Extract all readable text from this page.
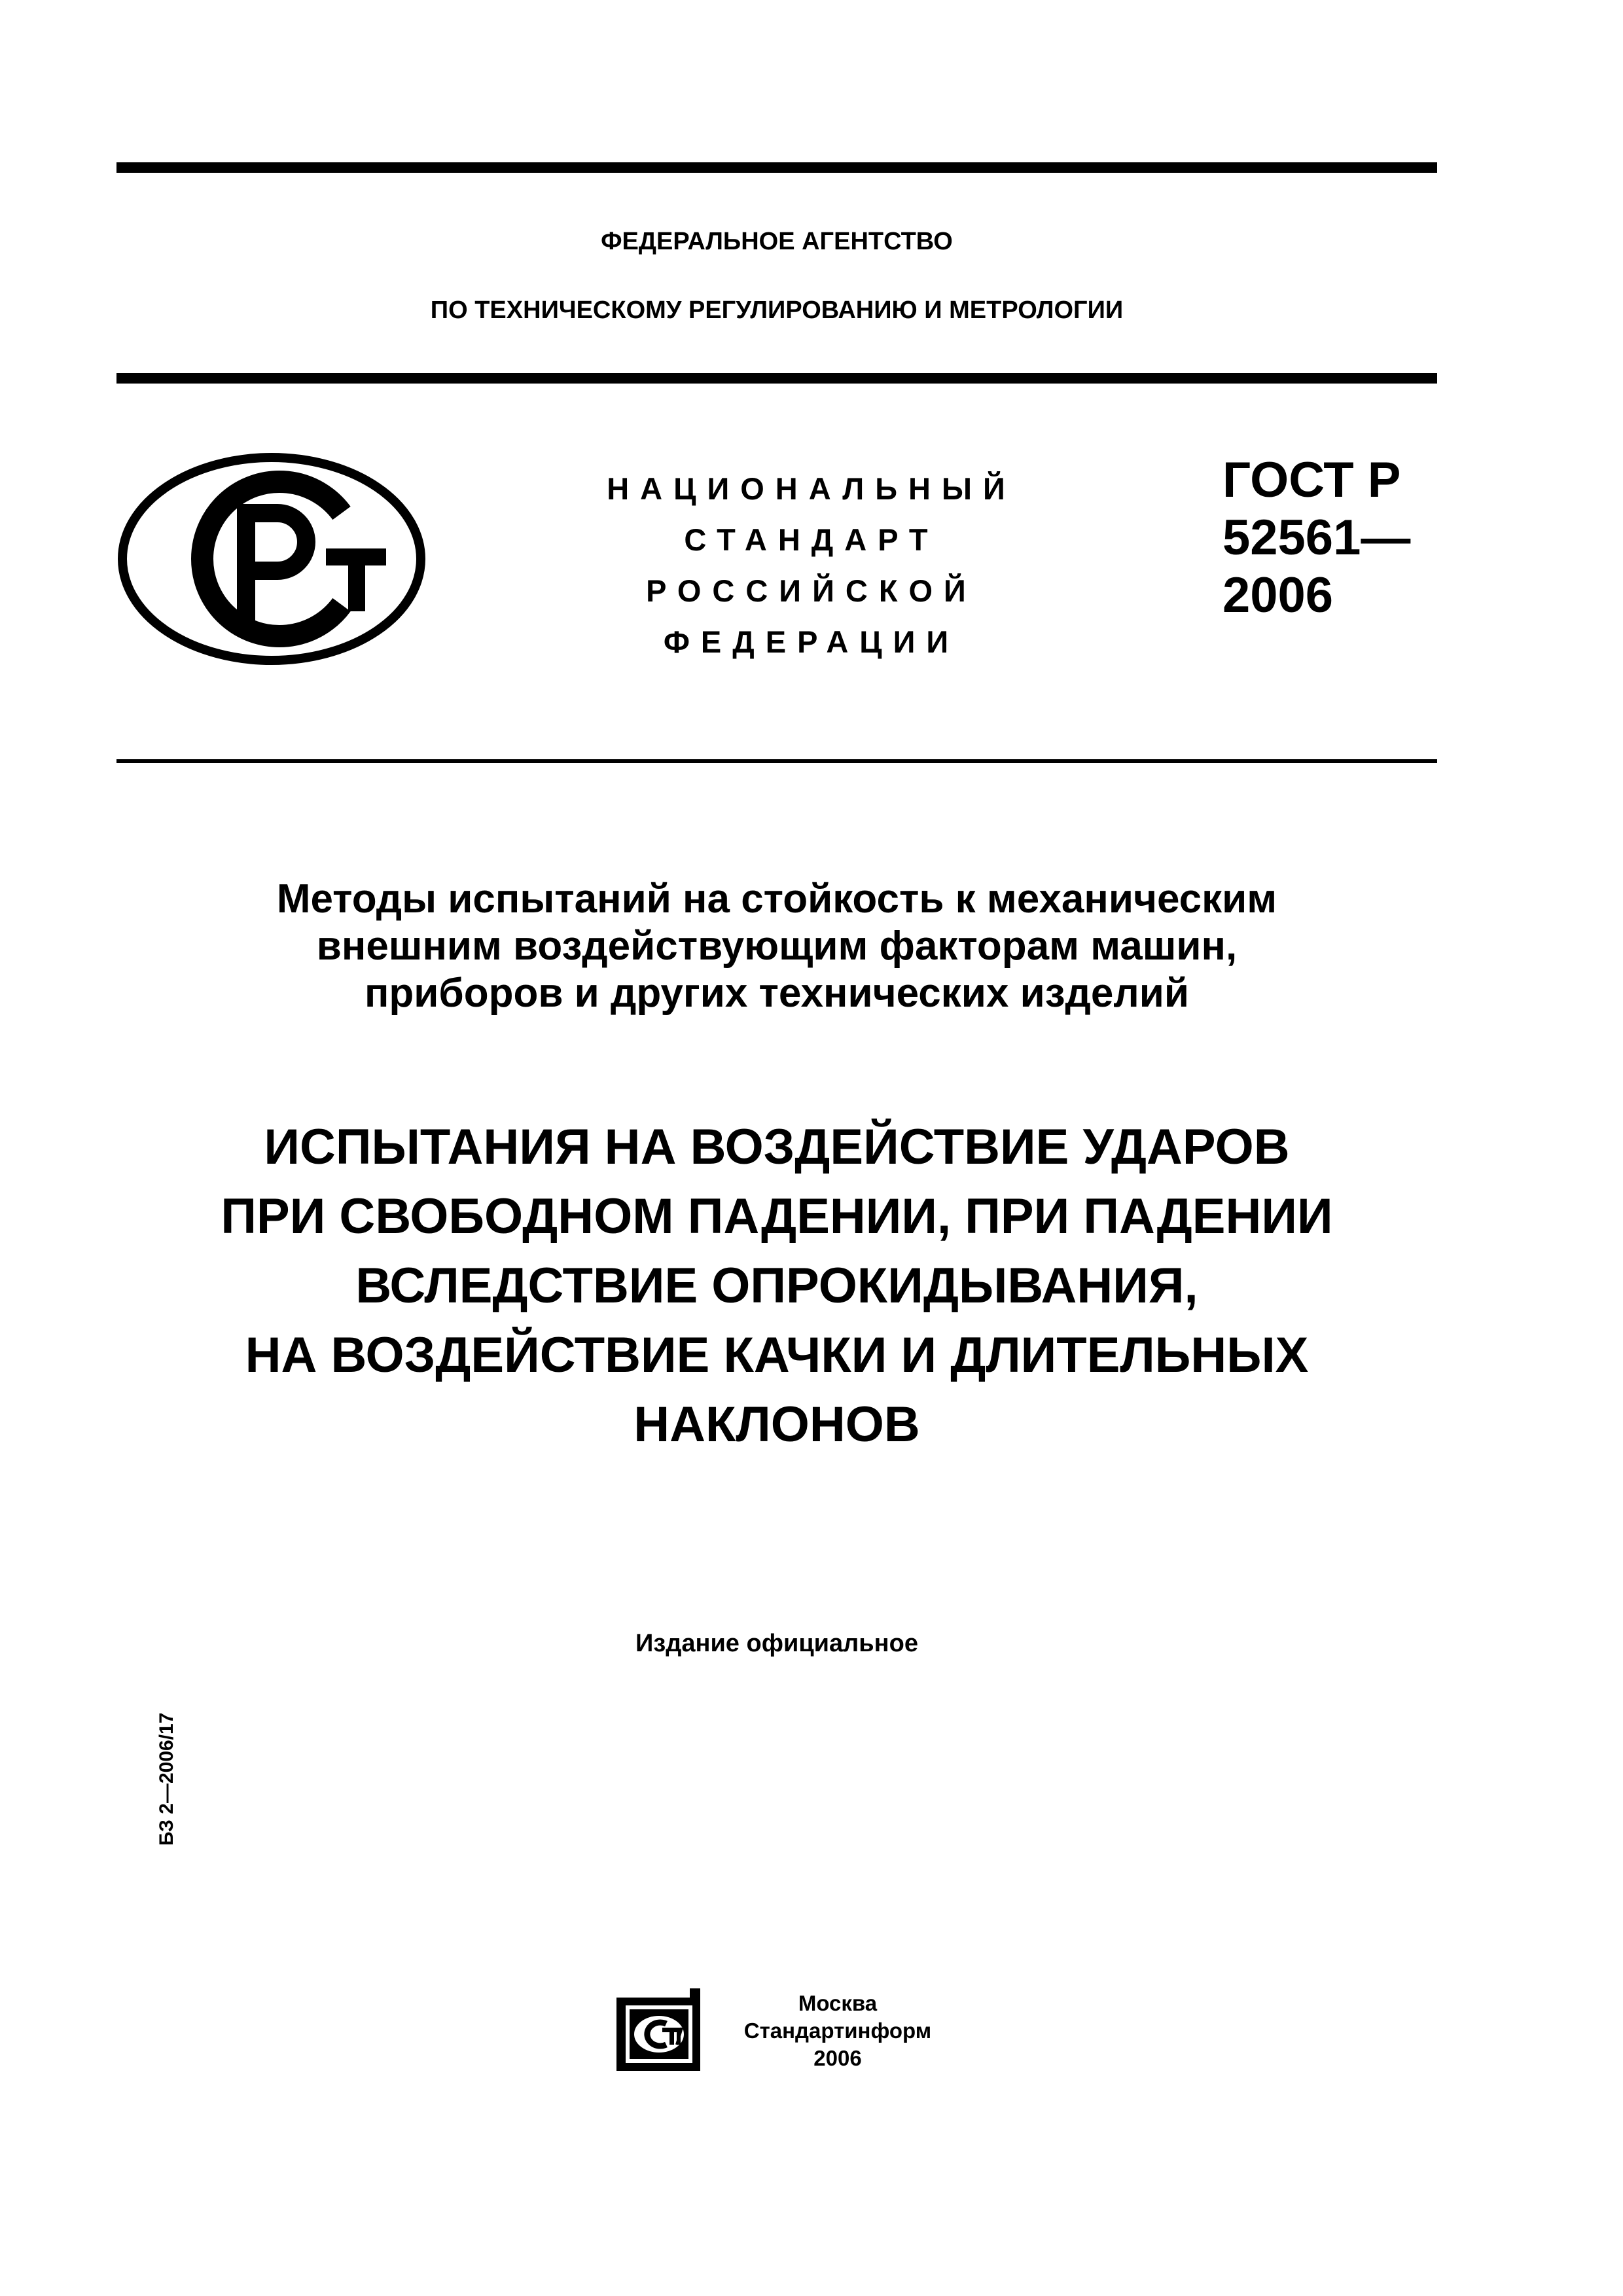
ФЕДЕРАЛЬНОЕ АГЕНТСТВО
ПО ТЕХНИЧЕСКОМУ РЕГУЛИРОВАНИЮ И МЕТРОЛОГИИ
НАЦИОНАЛЬНЫЙ
СТАНДАРТ
РОССИЙСКОЙ
ФЕДЕРАЦИИ
ГОСТ Р
52561—
2006
Методы испытаний на стойкость к механическим
внешним воздействующим факторам машин,
приборов и других технических изделий
ИСПЫТАНИЯ НА ВОЗДЕЙСТВИЕ УДАРОВ
ПРИ СВОБОДНОМ ПАДЕНИИ, ПРИ ПАДЕНИИ
ВСЛЕДСТВИЕ ОПРОКИДЫВАНИЯ,
НА ВОЗДЕЙСТВИЕ КАЧКИ И ДЛИТЕЛЬНЫХ
НАКЛОНОВ
Издание официальное
БЗ 2—2006/17
Москва
Стандартинформ
2006
